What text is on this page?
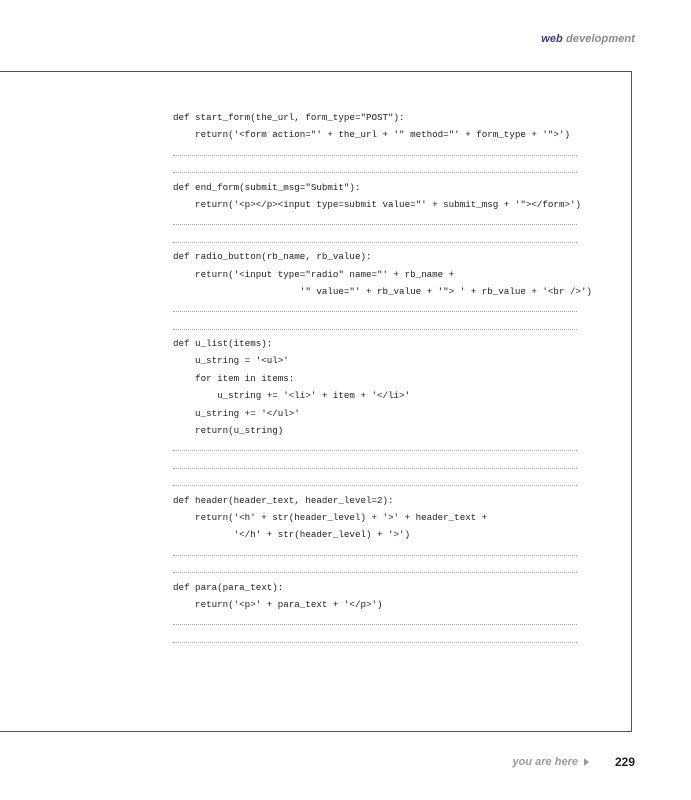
web development
def start_form(the_url, form_type="POST"):
return('<form action="' + the_url + '" method="' + form_type + '">')
def end_form(submit_msg="Submit"):
return('<p></p><input type=submit value="' + submit_msg + '"></form>')
def radio_button(rb_name, rb_value):
return('<input type="radio" name="' + rb_name +
'" value="' + rb_value + '"> ' + rb_value + '<br />')
def u_list(items):
u_string = '<ul>'
for item in items:
u_string += '<li>' + item + '</li>'
u_string += '</ul>'
return(u_string)
def header(header_text, header_level=2):
return('<h' + str(header_level) + '>' + header_text +
'</h' + str(header_level) + '>')
def para(para_text):
return('<p>' + para_text + '</p>')
you are here	229
